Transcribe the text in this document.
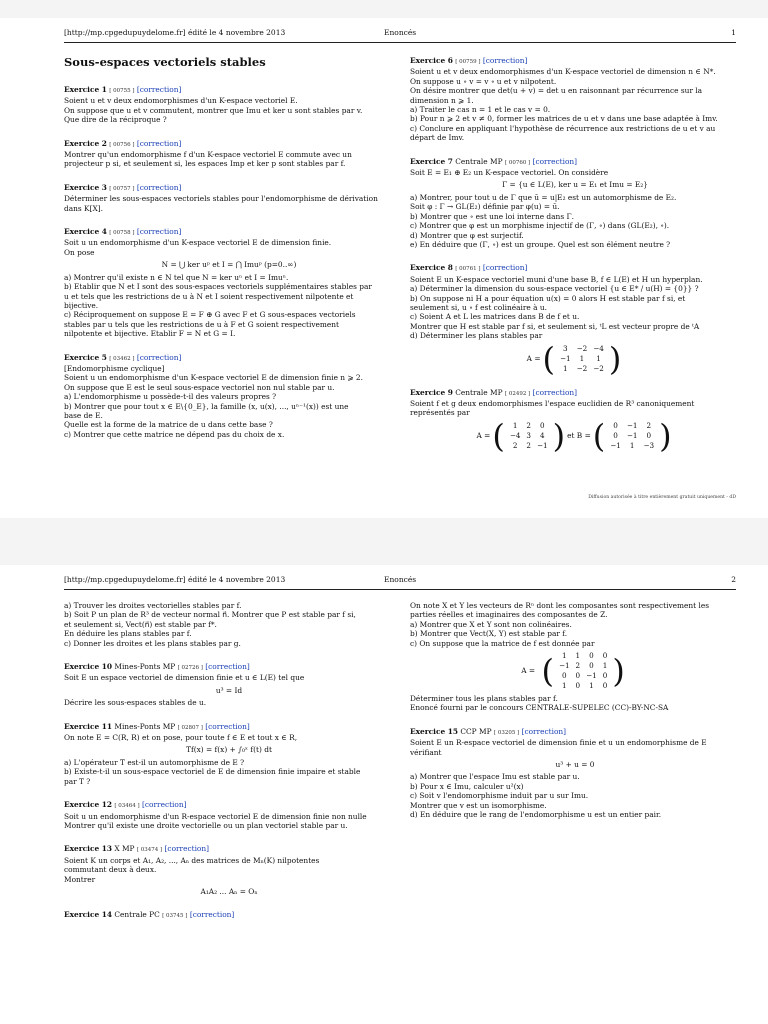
[http://mp.cpgedupuydelome.fr] édité le 4 novembre 2013	Enoncés	1
Sous-espaces vectoriels stables

Exercice 1 [ 00755 ] [correction]

Soient u et v deux endomorphismes d'un K-espace vectoriel E.

On suppose que u et v commutent, montrer que Imu et ker u sont stables par v.

Que dire de la réciproque ?

Exercice 2 [ 00756 ] [correction]

Montrer qu'un endomorphisme f d'un K-espace vectoriel E commute avec un

projecteur p si, et seulement si, les espaces Imp et ker p sont stables par f.

Exercice 3 [ 00757 ] [correction]

Déterminer les sous-espaces vectoriels stables pour l'endomorphisme de dérivation

dans K[X].

Exercice 4 [ 00758 ] [correction]

Soit u un endomorphisme d'un K-espace vectoriel E de dimension finie.

On pose

N = ⋃ ker uᵖ et I = ⋂ Imuᵖ (p=0..∞)

a) Montrer qu'il existe n ∈ N tel que N = ker uⁿ et I = Imuⁿ.

b) Etablir que N et I sont des sous-espaces vectoriels supplémentaires stables par

u et tels que les restrictions de u à N et I soient respectivement nilpotente et

bijective.

c) Réciproquement on suppose E = F ⊕ G avec F et G sous-espaces vectoriels

stables par u tels que les restrictions de u à F et G soient respectivement

nilpotente et bijective. Etablir F = N et G = I.

Exercice 5 [ 03462 ] [correction]

[Endomorphisme cyclique]

Soient u un endomorphisme d'un K-espace vectoriel E de dimension finie n ⩾ 2.

On suppose que E est le seul sous-espace vectoriel non nul stable par u.

a) L'endomorphisme u possède-t-il des valeurs propres ?

b) Montrer que pour tout x ∈ E\{0_E}, la famille (x, u(x), ..., uⁿ⁻¹(x)) est une

base de E.

Quelle est la forme de la matrice de u dans cette base ?

c) Montrer que cette matrice ne dépend pas du choix de x.

Exercice 6 [ 00759 ] [correction]

Soient u et v deux endomorphismes d'un K-espace vectoriel de dimension n ∈ N*.

On suppose u ∘ v = v ∘ u et v nilpotent.

On désire montrer que det(u + v) = det u en raisonnant par récurrence sur la

dimension n ⩾ 1.

a) Traiter le cas n = 1 et le cas v = 0.

b) Pour n ⩾ 2 et v ≠ 0, former les matrices de u et v dans une base adaptée à Imv.

c) Conclure en appliquant l'hypothèse de récurrence aux restrictions de u et v au

départ de Imv.

Exercice 7 Centrale MP [ 00760 ] [correction]

Soit E = E₁ ⊕ E₂ un K-espace vectoriel. On considère

Γ = {u ∈ L(E), ker u = E₁ et Imu = E₂}

a) Montrer, pour tout u de Γ que ū = u|E₂ est un automorphisme de E₂.

Soit φ : Γ → GL(E₂) définie par φ(u) = ū.

b) Montrer que ∘ est une loi interne dans Γ.

c) Montrer que φ est un morphisme injectif de (Γ, ∘) dans (GL(E₂), ∘).

d) Montrer que φ est surjectif.

e) En déduire que (Γ, ∘) est un groupe. Quel est son élément neutre ?

Exercice 8 [ 00761 ] [correction]

Soient E un K-espace vectoriel muni d'une base B, f ∈ L(E) et H un hyperplan.

a) Déterminer la dimension du sous-espace vectoriel {u ∈ E* / u(H) = {0}} ?

b) On suppose ni H a pour équation u(x) = 0 alors H est stable par f si, et

seulement si, u ∘ f est colinéaire à u.

c) Soient A et L les matrices dans B de f et u.

Montrer que H est stable par f si, et seulement si, ᵗL est vecteur propre de ᵗA

d) Déterminer les plans stables par

A =( 3	−2	−4
−1	1	1
1	−2	−2 )

Exercice 9 Centrale MP [ 02492 ] [correction]

Soient f et g deux endomorphismes l'espace euclidien de R³ canoniquement

représentés par

A =( 1	2	0
−4	3	4
2	2	−1 ) et B =( 0	−1	2
0	−1	0
−1	1	−3 )
Diffusion autorisée à titre entièrement gratuit uniquement - dD
[http://mp.cpgedupuydelome.fr] édité le 4 novembre 2013	Enoncés	2

a) Trouver les droites vectorielles stables par f.

b) Soit P un plan de R³ de vecteur normal n⃗. Montrer que P est stable par f si,

et seulement si, Vect(n⃗) est stable par f*.

En déduire les plans stables par f.

c) Donner les droites et les plans stables par g.

Exercice 10 Mines-Ponts MP [ 02726 ] [correction]

Soit E un espace vectoriel de dimension finie et u ∈ L(E) tel que

u³ = Id

Décrire les sous-espaces stables de u.

Exercice 11 Mines-Ponts MP [ 02807 ] [correction]

On note E = C(R, R) et on pose, pour toute f ∈ E et tout x ∈ R,

Tf(x) = f(x) + ∫₀ˣ f(t) dt

a) L'opérateur T est-il un automorphisme de E ?

b) Existe-t-il un sous-espace vectoriel de E de dimension finie impaire et stable

par T ?

Exercice 12 [ 03464 ] [correction]

Soit u un endomorphisme d'un R-espace vectoriel E de dimension finie non nulle

Montrer qu'il existe une droite vectorielle ou un plan vectoriel stable par u.

Exercice 13 X MP [ 03474 ] [correction]

Soient K un corps et A₁, A₂, ..., Aₙ des matrices de Mₙ(K) nilpotentes

commutant deux à deux.

Montrer

A₁A₂ ... Aₙ = Oₙ

Exercice 14 Centrale PC [ 03745 ] [correction]

On note X et Y les vecteurs de Rⁿ dont les composantes sont respectivement les

parties réelles et imaginaires des composantes de Z.

a) Montrer que X et Y sont non colinéaires.

b) Montrer que Vect(X, Y) est stable par f.

c) On suppose que la matrice de f est donnée par

A = ( 1	1	0	0
−1	2	0	1
0	0	−1	0
1	0	1	0 )

Déterminer tous les plans stables par f.

Enoncé fourni par le concours CENTRALE-SUPELEC (CC)-BY-NC-SA

Exercice 15 CCP MP [ 03205 ] [correction]

Soient E un R-espace vectoriel de dimension finie et u un endomorphisme de E

vérifiant

u³ + u = 0

a) Montrer que l'espace Imu est stable par u.

b) Pour x ∈ Imu, calculer u²(x)

c) Soit v l'endomorphisme induit par u sur Imu.

Montrer que v est un isomorphisme.

d) En déduire que le rang de l'endomorphisme u est un entier pair.
